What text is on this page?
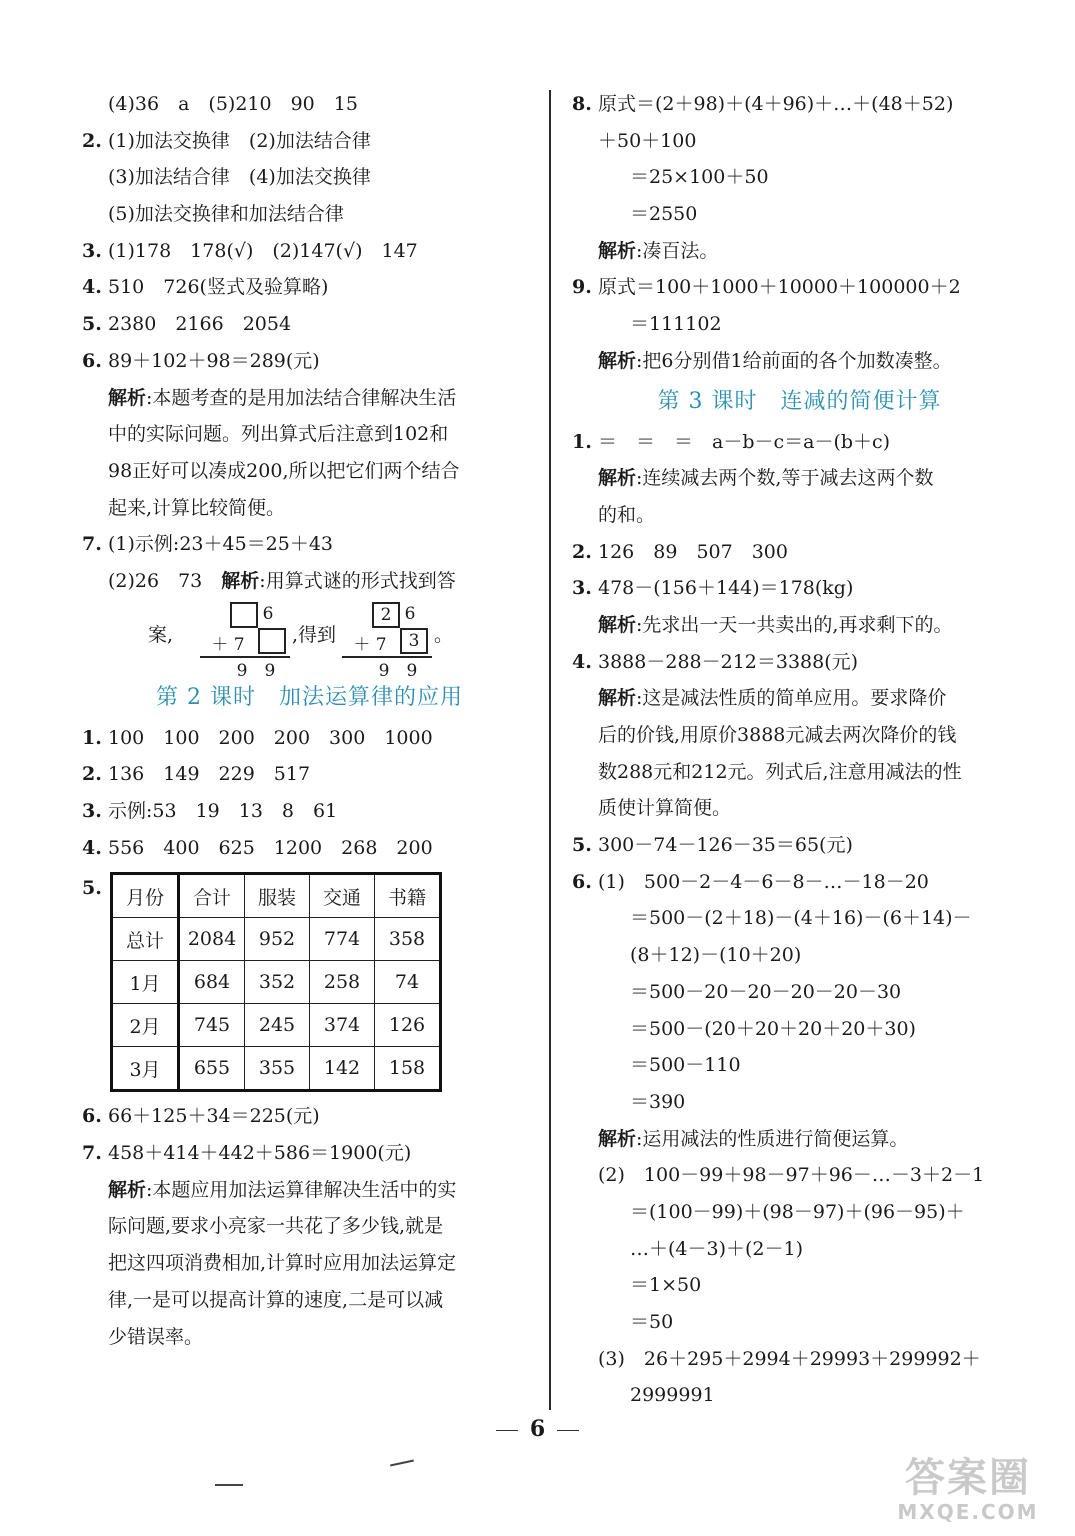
(4)36　a　(5)210　90　15
2. (1)加法交换律　(2)加法结合律
(3)加法结合律　(4)加法交换律
(5)加法交换律和加法结合律
3. (1)178　178(√)　(2)147(√)　147
4. 510　726(竖式及验算略)
5. 2380　2166　2054
6. 89＋102＋98＝289(元)
解析:本题考查的是用加法结合律解决生活
中的实际问题。列出算式后注意到102和
98正好可以凑成200,所以把它们两个结合
起来,计算比较简便。
7. (1)示例:23＋45＝25＋43
(2)26　73　解析:用算式谜的形式找到答
案,
6
＋ 7
9　9
,得到
2 6
＋ 7	3
9　9
。
第 2 课时　加法运算律的应用
1. 100　100　200　200　300　1000
2. 136　149　229　517
3. 示例:53　19　13　8　61
4. 556　400　625　1200　268　200
5. 月份	合计	服装	交通	书籍
总计	2084	952	774	358
1月	684	352	258	74
2月	745	245	374	126
3月	655	355	142	158
6. 66＋125＋34＝225(元)
7. 458＋414＋442＋586＝1900(元)
解析:本题应用加法运算律解决生活中的实
际问题,要求小亮家一共花了多少钱,就是
把这四项消费相加,计算时应用加法运算定
律,一是可以提高计算的速度,二是可以减
少错误率。
8. 原式＝(2＋98)＋(4＋96)＋…＋(48＋52)
＋50＋100
＝25×100＋50
＝2550
解析:凑百法。
9. 原式＝100＋1000＋10000＋100000＋2
＝111102
解析:把6分别借1给前面的各个加数凑整。
第 3 课时　连减的简便计算
1. ＝　＝　＝　a－b－c＝a－(b＋c)
解析:连续减去两个数,等于减去这两个数
的和。
2. 126　89　507　300
3. 478－(156＋144)＝178(kg)
解析:先求出一天一共卖出的,再求剩下的。
4. 3888－288－212＝3388(元)
解析:这是减法性质的简单应用。要求降价
后的价钱,用原价3888元减去两次降价的钱
数288元和212元。列式后,注意用减法的性
质使计算简便。
5. 300－74－126－35＝65(元)
6. (1)　500－2－4－6－8－…－18－20
＝500－(2＋18)－(4＋16)－(6＋14)－
(8＋12)－(10＋20)
＝500－20－20－20－20－30
＝500－(20＋20＋20＋20＋30)
＝500－110
＝390
解析:运用减法的性质进行简便运算。
(2)　100－99＋98－97＋96－…－3＋2－1
＝(100－99)＋(98－97)＋(96－95)＋
…＋(4－3)＋(2－1)
＝1×50
＝50
(3)　26＋295＋2994＋29993＋299992＋
2999991
6
答案圈
MXQE.COM
